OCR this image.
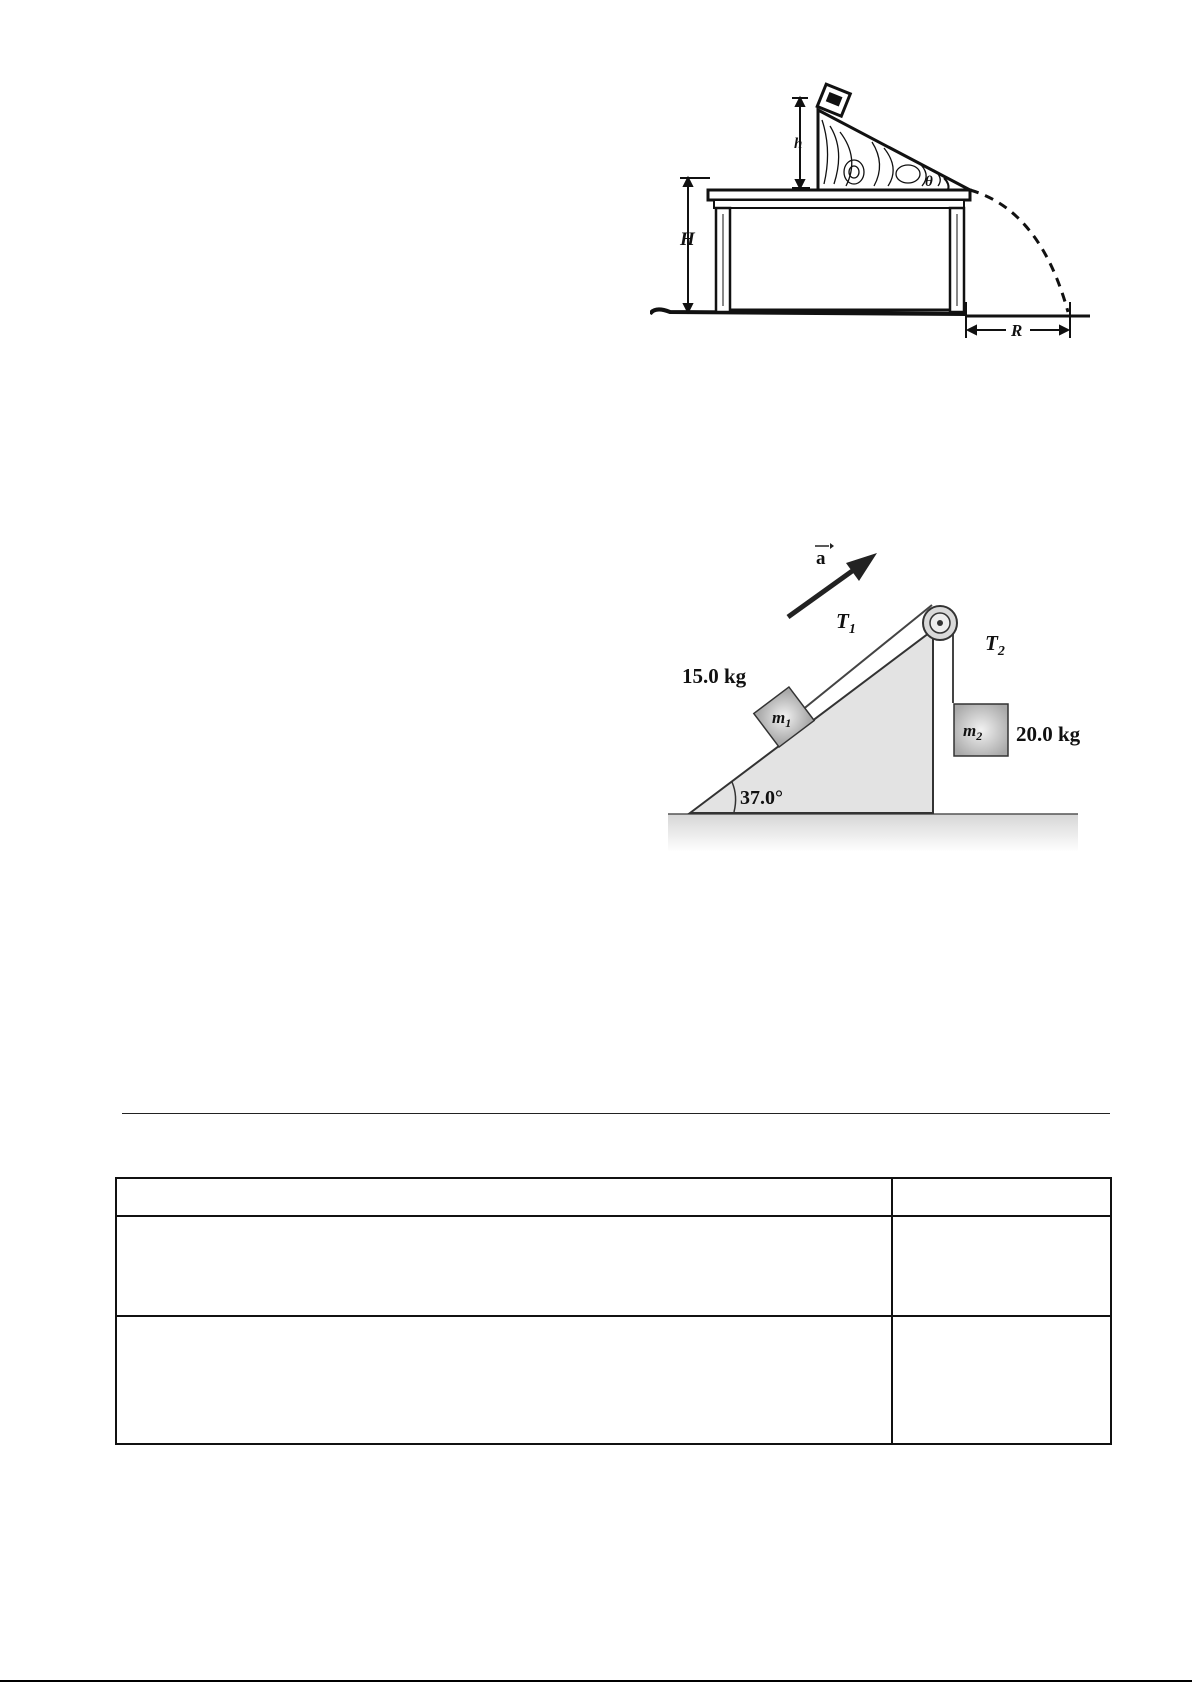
h
H
R
θ
37.0°
$m_1$
15.0 kg
$m_2$ 20.0 kg
$T_1$
$T_2$
a
